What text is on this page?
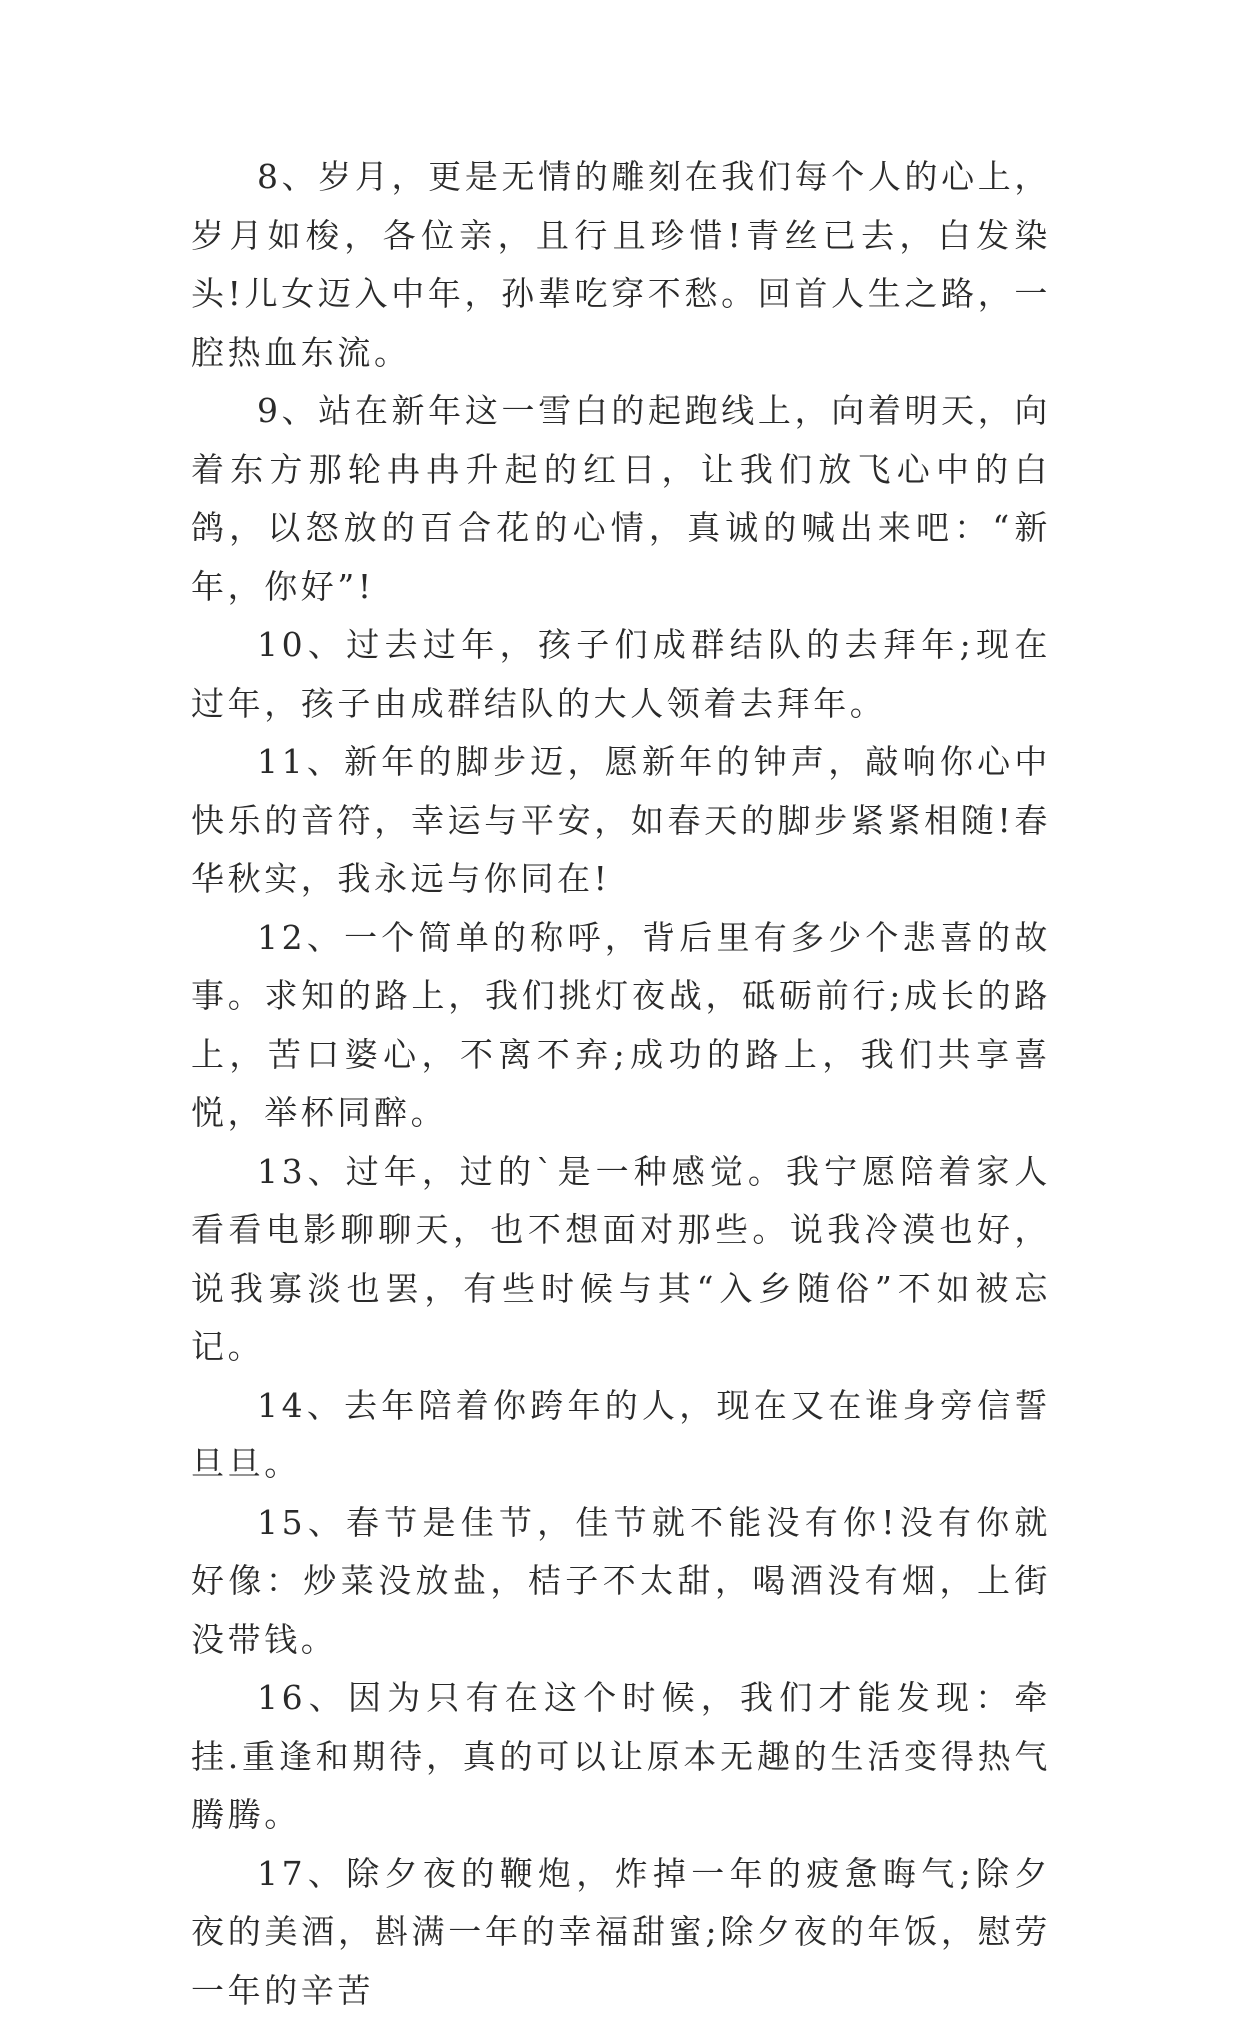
8、岁月，更是无情的雕刻在我们每个人的心上，岁月如梭，各位亲，且行且珍惜!青丝已去，白发染头!儿女迈入中年，孙辈吃穿不愁。回首人生之路，一腔热血东流。

9、站在新年这一雪白的起跑线上，向着明天，向着东方那轮冉冉升起的红日，让我们放飞心中的白鸽，以怒放的百合花的心情，真诚的喊出来吧：“新年，你好”!

10、过去过年，孩子们成群结队的去拜年;现在过年，孩子由成群结队的大人领着去拜年。

11、新年的脚步迈，愿新年的钟声，敲响你心中快乐的音符，幸运与平安，如春天的脚步紧紧相随!春华秋实，我永远与你同在!

12、一个简单的称呼，背后里有多少个悲喜的故事。求知的路上，我们挑灯夜战，砥砺前行;成长的路上，苦口婆心，不离不弃;成功的路上，我们共享喜悦，举杯同醉。

13、过年，过的`是一种感觉。我宁愿陪着家人看看电影聊聊天，也不想面对那些。说我冷漠也好，说我寡淡也罢，有些时候与其“入乡随俗”不如被忘记。

14、去年陪着你跨年的人，现在又在谁身旁信誓旦旦。

15、春节是佳节，佳节就不能没有你!没有你就好像：炒菜没放盐，桔子不太甜，喝酒没有烟，上街没带钱。

16、因为只有在这个时候，我们才能发现：牵挂.重逢和期待，真的可以让原本无趣的生活变得热气腾腾。

17、除夕夜的鞭炮，炸掉一年的疲惫晦气;除夕夜的美酒，斟满一年的幸福甜蜜;除夕夜的年饭，慰劳一年的辛苦
